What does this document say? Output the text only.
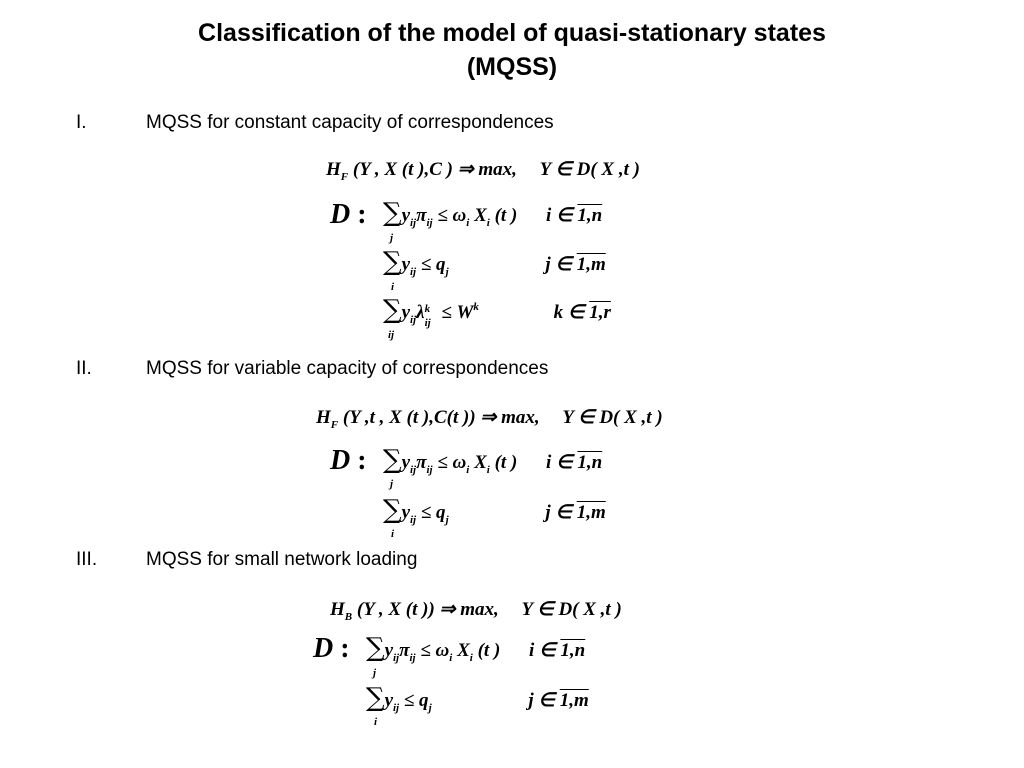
Classification of the model of quasi-stationary states
(MQSS)
I.	MQSS for constant capacity of correspondences
$H_F$ (Y , X (t ),C ) ⇒ max, Y ∈ D( X ,t )
D : $\sum y_{ij}\pi_{ij} \le \omega_i$ $X_i$ (t ) i ∈ 1,n
j
$\sum y_{ij} \le q_j$	j ∈ 1,m
i
$\sum y_{ij}\lambda$ k
ij ≤ $W^k$	k ∈ 1,r
ij
II.	MQSS for variable capacity of correspondences
$H_F$ (Y ,t , X (t ),C(t )) ⇒ max, Y ∈ D( X ,t )
D : $\sum y_{ij}\pi_{ij} \le \omega_i$ $X_i$ (t ) i ∈ 1,n
j
$\sum y_{ij} \le q_j$	j ∈ 1,m
i
III.	MQSS for small network loading
$H_B$ (Y , X (t )) ⇒ max, Y ∈ D( X ,t )
D : $\sum y_{ij}\pi_{ij} \le \omega_i$ $X_i$ (t ) i ∈ 1,n
j
$\sum y_{ij} \le q_j$	j ∈ 1,m
i
